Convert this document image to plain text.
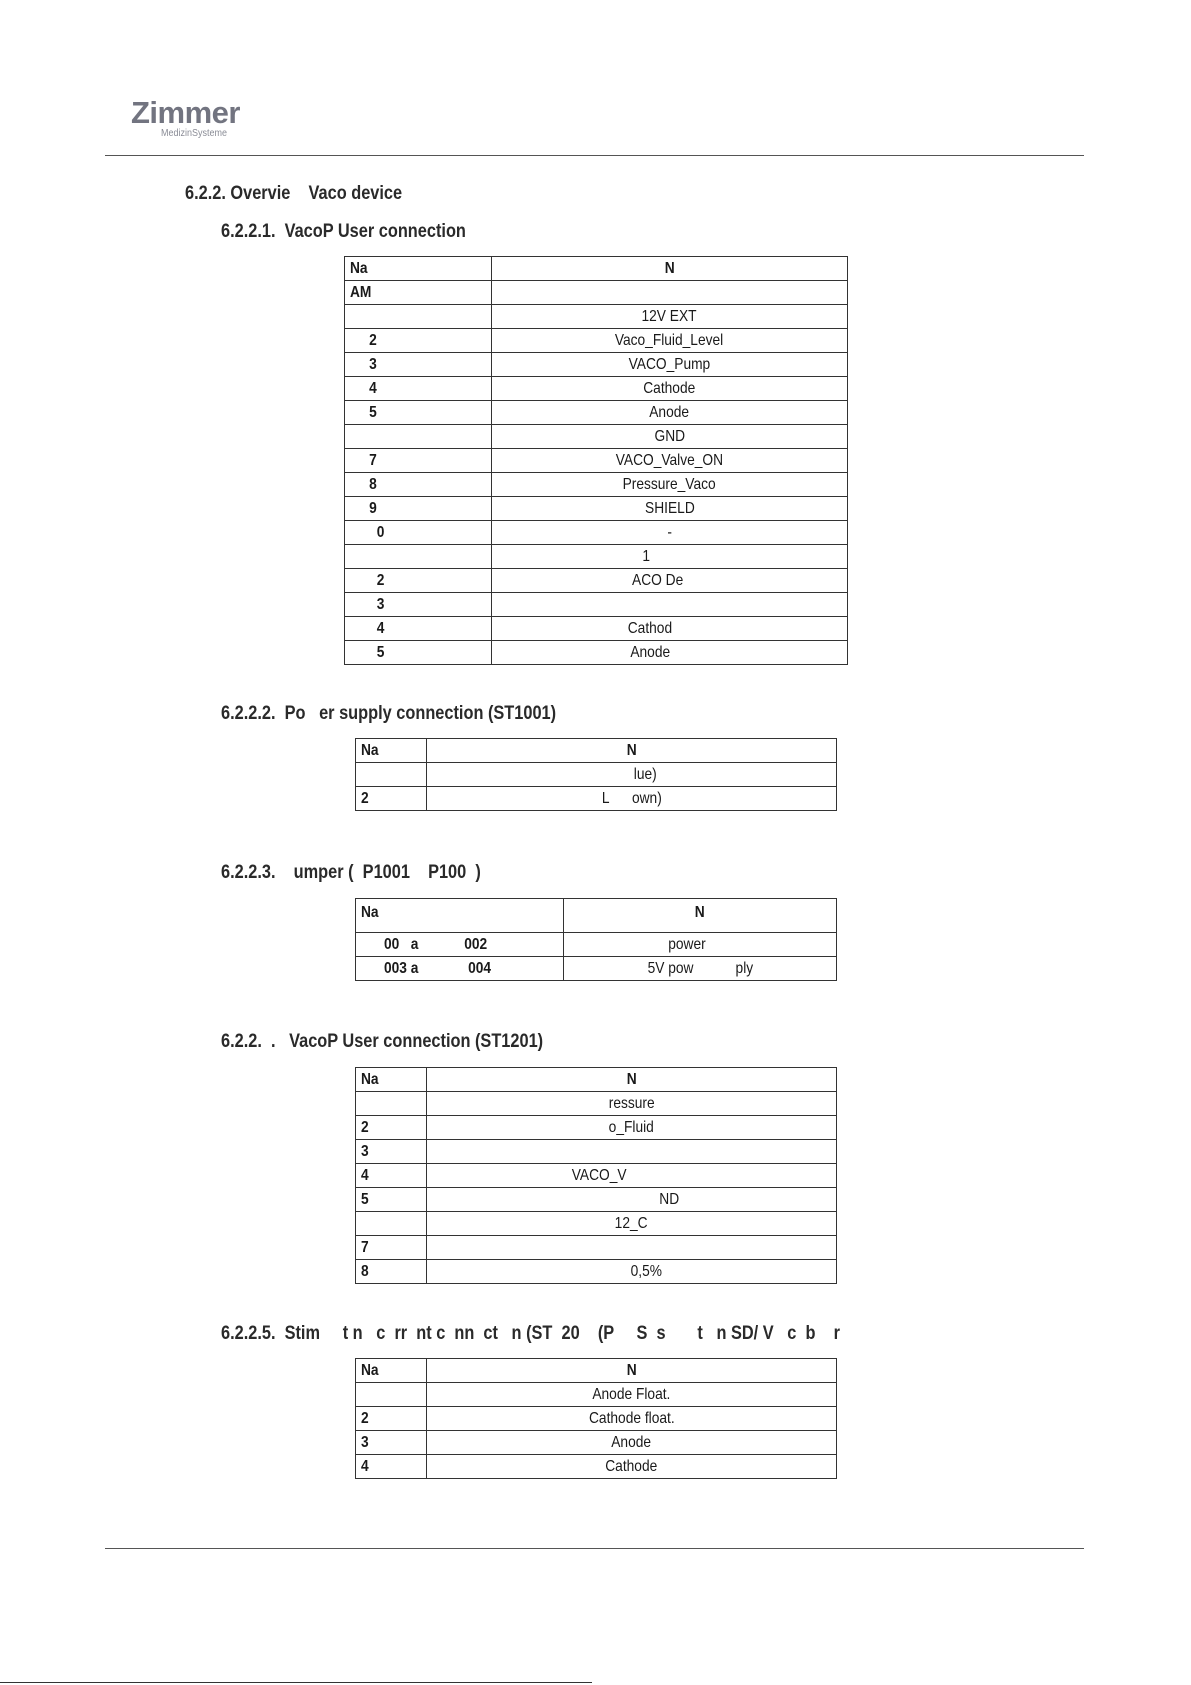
Zimmer
MedizinSysteme
6.2.2. Overvie    Vaco device
6.2.2.1.  VacoP User connection
6.2.2.2.  Po   er supply connection (ST1001)
6.2.2.3.    umper (  P1001    P100  )
6.2.2.  .   VacoP User connection (ST1201)
6.2.2.5.  Stim     t n   c  rr  nt c  nn  ct   n (ST  20    (P     S  s       t   n SD/ V   c  b    r
Na	N
AM	
	12V EXT
2	Vaco_Fluid_Level
3	VACO_Pump
4	Cathode
5	Anode
	GND
7	VACO_Valve_ON
8	Pressure_Vaco
9	SHIELD
0	-
	1
2	ACO De
3	
4	Cathod
5	Anode
Na	N
	lue)
2	L      own)
Na	N
00   a            002	power
003 a             004	5V pow           ply
Na	N
	ressure
2	o_Fluid
3	
4	VACO_V
5	ND
	12_C
7	
8	0,5%
Na	N
	Anode Float.
2	Cathode float.
3	Anode
4	Cathode
